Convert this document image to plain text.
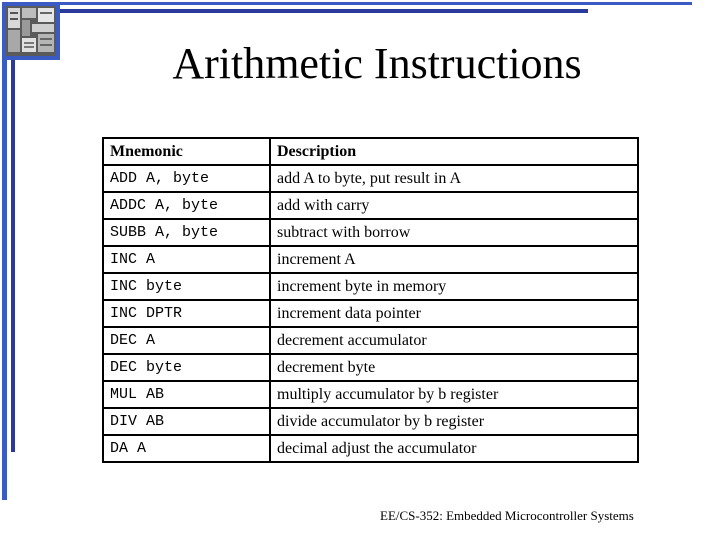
Arithmetic Instructions
Mnemonic	Description
ADD A, byte	add A to byte, put result in A
ADDC A, byte	add with carry
SUBB A, byte	subtract with borrow
INC A	increment A
INC byte	increment byte in memory
INC DPTR	increment data pointer
DEC A	decrement accumulator
DEC byte	decrement byte
MUL AB	multiply accumulator by b register
DIV AB	divide accumulator by b register
DA A	decimal adjust the accumulator
EE/CS-352: Embedded Microcontroller Systems
